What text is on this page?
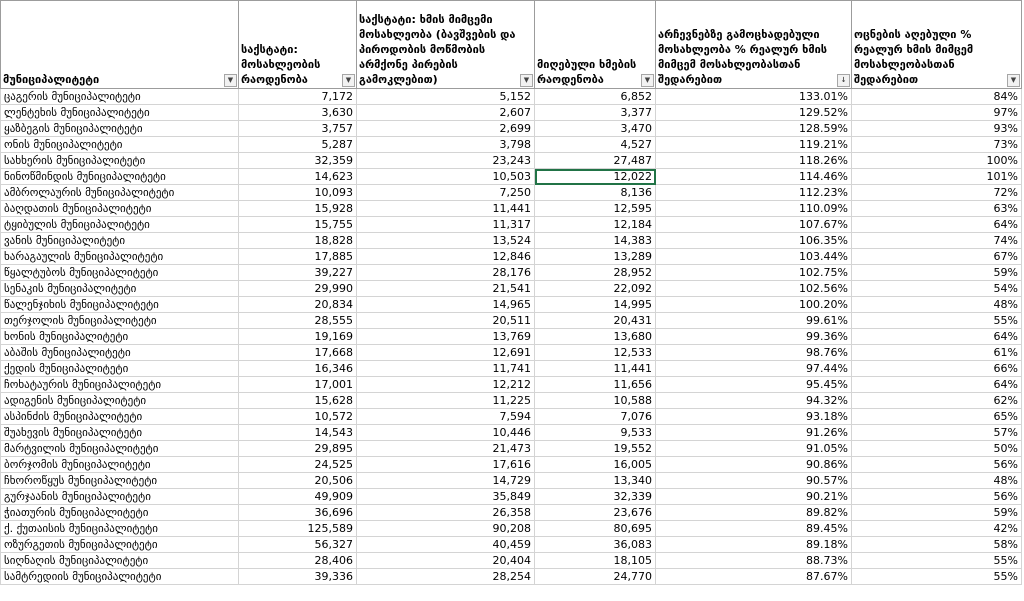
მუნიციპალიტეტი ▼	საქსტატი: მოსახლეობის რაოდენობა ▼	საქსტატი: ხმის მიმცემი მოსახლეობა (ბავშვების და პიროდობის მოწმობის არმქონე პირების გამოკლებით) ▼	მიღებული ხმების რაოდენობა ▼	არჩევნებზე გამოცხადებული მოსახლეობა % რეალურ ხმის მიმცემ მოსახლეობასთან შედარებით ↓	ოცნების აღებული % რეალურ ხმის მიმცემ მოსახლეობასთან შედარებით ▼

ცაგერის მუნიციპალიტეტი	7,172	5,152	6,852	133.01%	84%
ლენტეხის მუნიციპალიტეტი	3,630	2,607	3,377	129.52%	97%
ყაზბეგის მუნიციპალიტეტი	3,757	2,699	3,470	128.59%	93%
ონის მუნიციპალიტეტი	5,287	3,798	4,527	119.21%	73%
სახხერის მუნიციპალიტეტი	32,359	23,243	27,487	118.26%	100%
ნინოწმინდის მუნიციპალიტეტი	14,623	10,503	12,022	114.46%	101%
ამბროლაურის მუნიციპალიტეტი	10,093	7,250	8,136	112.23%	72%
ბაღდათის მუნიციპალიტეტი	15,928	11,441	12,595	110.09%	63%
ტყიბულის მუნიციპალიტეტი	15,755	11,317	12,184	107.67%	64%
ვანის მუნიციპალიტეტი	18,828	13,524	14,383	106.35%	74%
ხარაგაულის მუნიციპალიტეტი	17,885	12,846	13,289	103.44%	67%
წყალტუბოს მუნიციპალიტეტი	39,227	28,176	28,952	102.75%	59%
სენაკის მუნიციპალიტეტი	29,990	21,541	22,092	102.56%	54%
წალენჯიხის მუნიციპალიტეტი	20,834	14,965	14,995	100.20%	48%
თერჯოლის მუნიციპალიტეტი	28,555	20,511	20,431	99.61%	55%
ხონის მუნიციპალიტეტი	19,169	13,769	13,680	99.36%	64%
აბაშის მუნიციპალიტეტი	17,668	12,691	12,533	98.76%	61%
ქედის მუნიციპალიტეტი	16,346	11,741	11,441	97.44%	66%
ჩოხატაურის მუნიციპალიტეტი	17,001	12,212	11,656	95.45%	64%
ადიგენის მუნიციპალიტეტი	15,628	11,225	10,588	94.32%	62%
ასპინძის მუნიციპალიტეტი	10,572	7,594	7,076	93.18%	65%
შუახევის მუნიციპალიტეტი	14,543	10,446	9,533	91.26%	57%
მარტვილის მუნიციპალიტეტი	29,895	21,473	19,552	91.05%	50%
ბორჯომის მუნიციპალიტეტი	24,525	17,616	16,005	90.86%	56%
ჩხოროწყუს მუნიციპალიტეტი	20,506	14,729	13,340	90.57%	48%
გურჯაანის მუნიციპალიტეტი	49,909	35,849	32,339	90.21%	56%
ჭიათურის მუნიციპალიტეტი	36,696	26,358	23,676	89.82%	59%
ქ. ქუთაისის მუნიციპალიტეტი	125,589	90,208	80,695	89.45%	42%
ოზურგეთის მუნიციპალიტეტი	56,327	40,459	36,083	89.18%	58%
სიღნაღის მუნიციპალიტეტი	28,406	20,404	18,105	88.73%	55%
სამტრედიის მუნიციპალიტეტი	39,336	28,254	24,770	87.67%	55%
